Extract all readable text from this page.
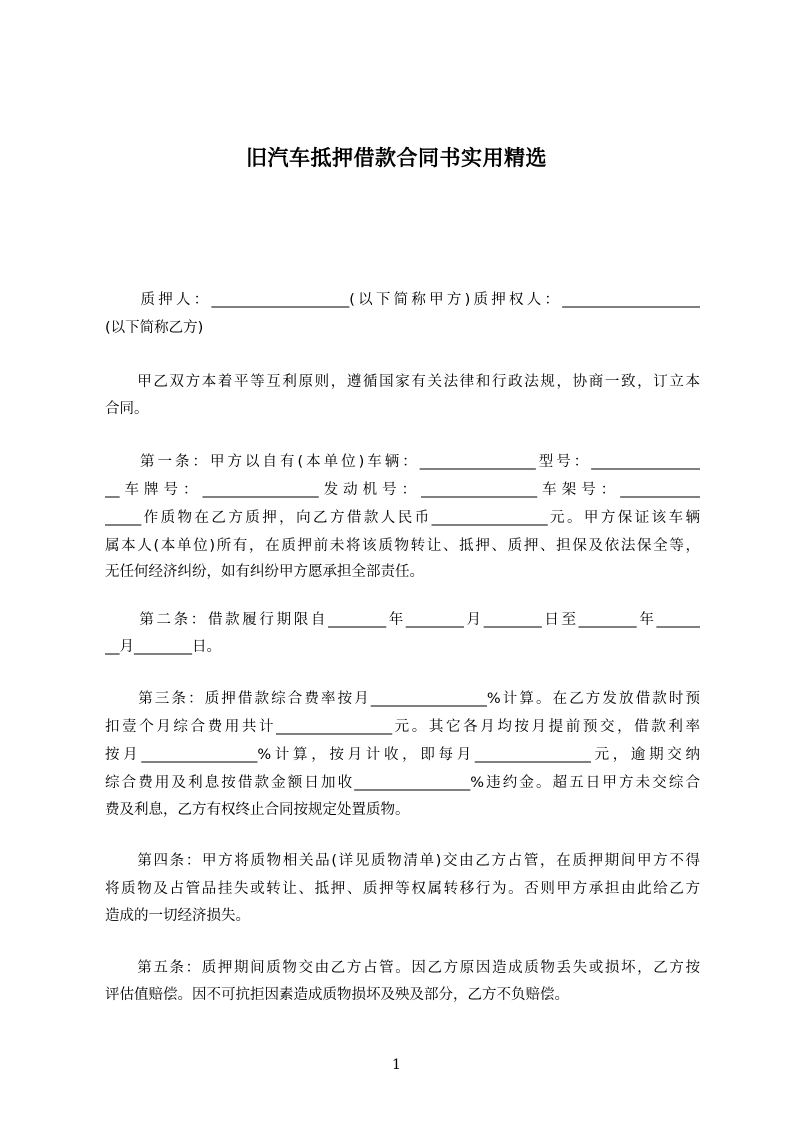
旧汽车抵押借款合同书实用精选
　　质押人：___________________(以下简称甲方)质押权人：___________________
(以下简称乙方)
　　甲乙双方本着平等互利原则，遵循国家有关法律和行政法规，协商一致，订立本
合同。
　　第一条：甲方以自有(本单位)车辆：________________型号：_______________
__车牌号：________________发动机号：________________车架号：___________
_____作质物在乙方质押，向乙方借款人民币________________元。甲方保证该车辆
属本人(本单位)所有，在质押前未将该质物转让、抵押、质押、担保及依法保全等，
无任何经济纠纷，如有纠纷甲方愿承担全部责任。
　　第二条：借款履行期限自________年________月________日至________年______
__月________日。
　　第三条：质押借款综合费率按月________________%计算。在乙方发放借款时预
扣壹个月综合费用共计________________元。其它各月均按月提前预交，借款利率
按月________________%计算，按月计收，即每月________________元，逾期交纳
综合费用及利息按借款金额日加收________________%违约金。超五日甲方未交综合
费及利息，乙方有权终止合同按规定处置质物。
　　第四条：甲方将质物相关品(详见质物清单)交由乙方占管，在质押期间甲方不得
将质物及占管品挂失或转让、抵押、质押等权属转移行为。否则甲方承担由此给乙方
造成的一切经济损失。
　　第五条：质押期间质物交由乙方占管。因乙方原因造成质物丢失或损坏，乙方按
评估值赔偿。因不可抗拒因素造成质物损坏及殃及部分，乙方不负赔偿。
1
